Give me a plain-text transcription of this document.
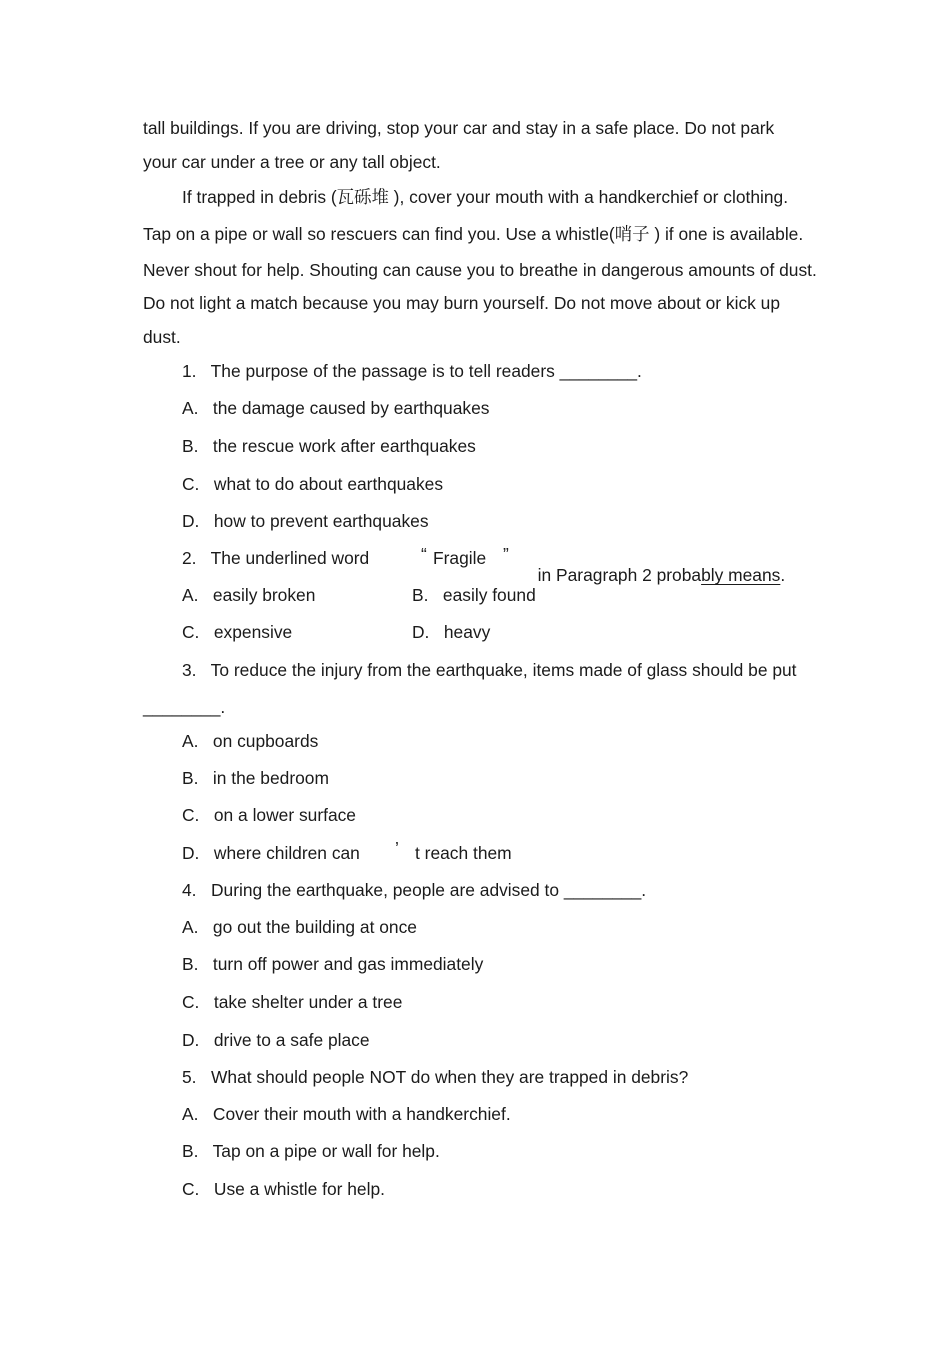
tall buildings. If you are driving, stop your car and stay in a safe place. Do not park
your car under a tree or any tall object.
If trapped in debris (瓦砾堆 ), cover your mouth with a handkerchief or clothing.
Tap on a pipe or wall so rescuers can find you. Use a whistle(哨子 ) if one is available.
Never shout for help. Shouting can cause you to breathe in dangerous amounts of dust.
Do not light a match because you may burn yourself. Do not move about or kick up
dust.
1.   The purpose of the passage is to tell readers ________.
A.   the damage caused by earthquakes
B.   the rescue work after earthquakes
C.   what to do about earthquakes
D.   how to prevent earthquakes
2.   The underlined word	“ Fragile ”

in Paragraph 2 probably means.

A.   easily broken	B.   easily found
C.   expensive	D.   heavy
3.   To reduce the injury from the earthquake, items made of glass should be put
________.
A.   on cupboards
B.   in the bedroom
C.   on a lower surface
D.   where children can ’ t reach them
4.   During the earthquake, people are advised to ________.
A.   go out the building at once
B.   turn off power and gas immediately
C.   take shelter under a tree
D.   drive to a safe place
5.   What should people NOT do when they are trapped in debris?
A.   Cover their mouth with a handkerchief.
B.   Tap on a pipe or wall for help.
C.   Use a whistle for help.
